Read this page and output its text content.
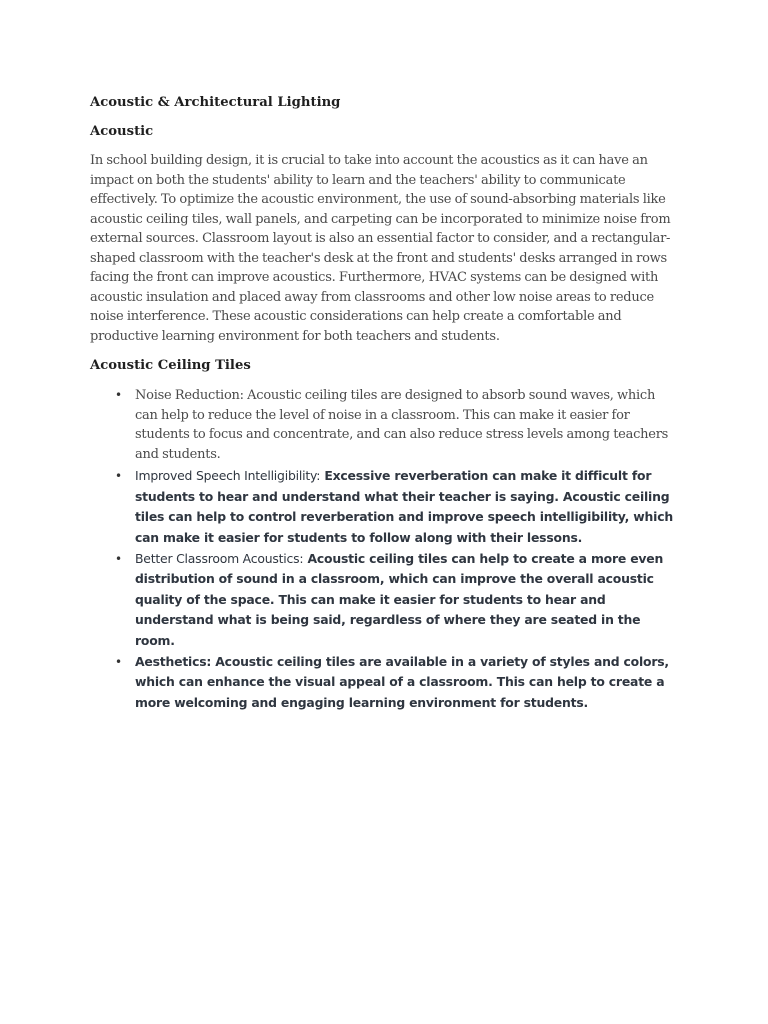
Acoustic & Architectural Lighting

Acoustic

In school building design, it is crucial to take into account the acoustics as it can have an impact on both the students' ability to learn and the teachers' ability to communicate effectively. To optimize the acoustic environment, the use of sound-absorbing materials like acoustic ceiling tiles, wall panels, and carpeting can be incorporated to minimize noise from external sources. Classroom layout is also an essential factor to consider, and a rectangular-shaped classroom with the teacher's desk at the front and students' desks arranged in rows facing the front can improve acoustics. Furthermore, HVAC systems can be designed with acoustic insulation and placed away from classrooms and other low noise areas to reduce noise interference. These acoustic considerations can help create a comfortable and productive learning environment for both teachers and students.

Acoustic Ceiling Tiles

• Noise Reduction: Acoustic ceiling tiles are designed to absorb sound waves, which can help to reduce the level of noise in a classroom. This can make it easier for students to focus and concentrate, and can also reduce stress levels among teachers and students.
• Improved Speech Intelligibility: Excessive reverberation can make it difficult for students to hear and understand what their teacher is saying. Acoustic ceiling tiles can help to control reverberation and improve speech intelligibility, which can make it easier for students to follow along with their lessons.
• Better Classroom Acoustics: Acoustic ceiling tiles can help to create a more even distribution of sound in a classroom, which can improve the overall acoustic quality of the space. This can make it easier for students to hear and understand what is being said, regardless of where they are seated in the room.
• Aesthetics: Acoustic ceiling tiles are available in a variety of styles and colors, which can enhance the visual appeal of a classroom. This can help to create a more welcoming and engaging learning environment for students.
